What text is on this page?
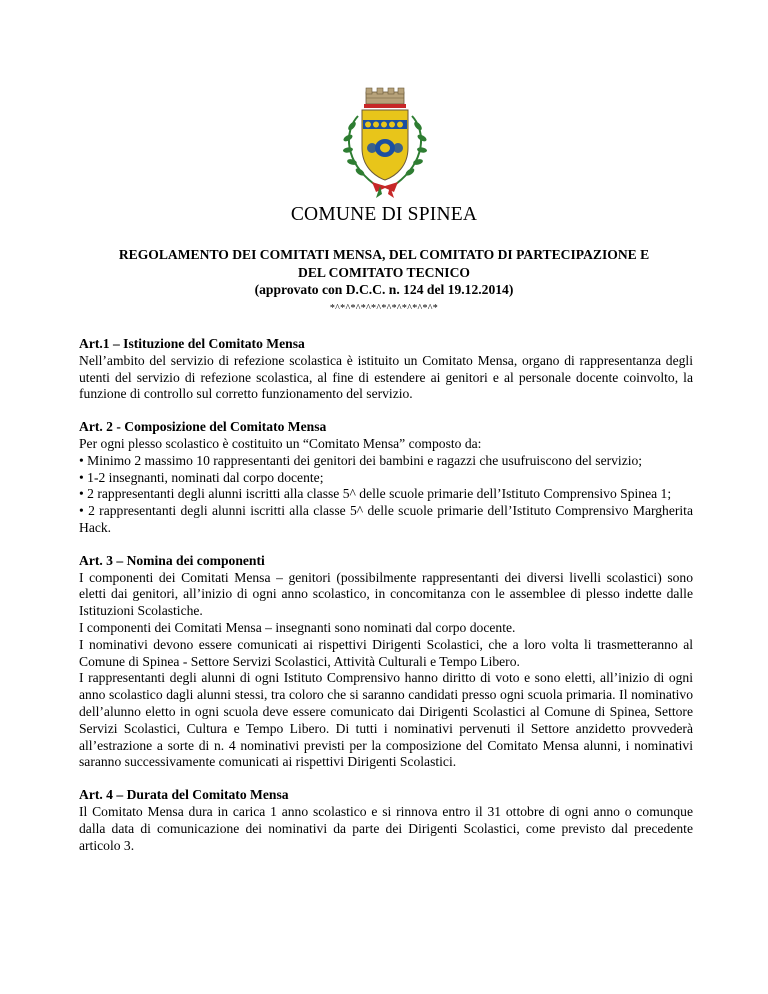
COMUNE DI SPINEA
REGOLAMENTO DEI COMITATI MENSA, DEL COMITATO DI PARTECIPAZIONE E
DEL COMITATO TECNICO
(approvato con D.C.C. n. 124 del 19.12.2014)
*^*^*^*^*^*^*^*^*^*^*

Art.1 – Istituzione del Comitato Mensa

Nell’ambito del servizio di refezione scolastica è istituito un Comitato Mensa, organo di rappresentanza degli utenti del servizio di refezione scolastica, al fine di estendere ai genitori e al personale docente coinvolto, la funzione di controllo sul corretto funzionamento del servizio.

Art. 2 - Composizione del Comitato Mensa

Per ogni plesso scolastico è costituito un “Comitato Mensa” composto da:

• Minimo 2 massimo 10 rappresentanti dei genitori dei bambini e ragazzi che usufruiscono del servizio;

• 1-2 insegnanti, nominati dal corpo docente;

• 2 rappresentanti degli alunni iscritti alla classe 5^ delle scuole primarie dell’Istituto Comprensivo Spinea 1;

• 2 rappresentanti degli alunni iscritti alla classe 5^ delle scuole primarie dell’Istituto Comprensivo Margherita Hack.

Art. 3 – Nomina dei componenti

I componenti dei Comitati Mensa – genitori (possibilmente rappresentanti dei diversi livelli scolastici) sono eletti dai genitori, all’inizio di ogni anno scolastico, in concomitanza con le assemblee di plesso indette dalle Istituzioni Scolastiche.

I componenti dei Comitati Mensa – insegnanti sono nominati dal corpo docente.

I nominativi devono essere comunicati ai rispettivi Dirigenti Scolastici, che a loro volta li trasmetteranno al Comune di Spinea - Settore Servizi Scolastici, Attività Culturali e Tempo Libero.

I rappresentanti degli alunni di ogni Istituto Comprensivo hanno diritto di voto e sono eletti, all’inizio di ogni anno scolastico dagli alunni stessi, tra coloro che si saranno candidati presso ogni scuola primaria. Il nominativo dell’alunno eletto in ogni scuola deve essere comunicato dai Dirigenti Scolastici al Comune di Spinea, Settore Servizi Scolastici, Cultura e Tempo Libero. Di tutti i nominativi pervenuti il Settore anzidetto provvederà all’estrazione a sorte di n. 4 nominativi previsti per la composizione del Comitato Mensa alunni, i nominativi saranno successivamente comunicati ai rispettivi Dirigenti Scolastici.

Art. 4 – Durata del Comitato Mensa

Il Comitato Mensa dura in carica 1 anno scolastico e si rinnova entro il 31 ottobre di ogni anno o comunque dalla data di comunicazione dei nominativi da parte dei Dirigenti Scolastici, come previsto dal precedente articolo 3.
